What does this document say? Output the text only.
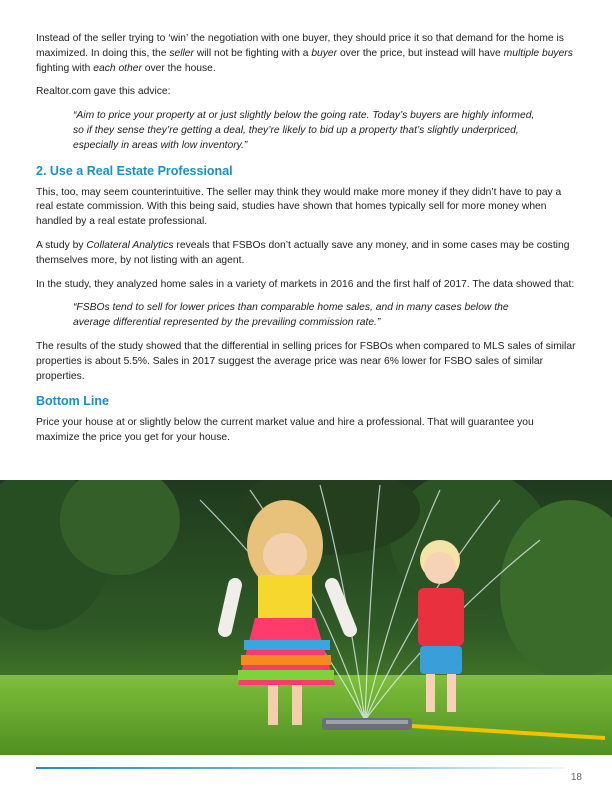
Instead of the seller trying to ‘win’ the negotiation with one buyer, they should price it so that demand for the home is maximized. In doing this, the seller will not be fighting with a buyer over the price, but instead will have multiple buyers fighting with each other over the house.

Realtor.com gave this advice:

“Aim to price your property at or just slightly below the going rate. Today’s buyers are highly informed, so if they sense they’re getting a deal, they’re likely to bid up a property that’s slightly underpriced, especially in areas with low inventory.”
2. Use a Real Estate Professional

This, too, may seem counterintuitive. The seller may think they would make more money if they didn’t have to pay a real estate commission. With this being said, studies have shown that homes typically sell for more money when handled by a real estate professional.

A study by Collateral Analytics reveals that FSBOs don’t actually save any money, and in some cases may be costing themselves more, by not listing with an agent.

In the study, they analyzed home sales in a variety of markets in 2016 and the first half of 2017. The data showed that:

“FSBOs tend to sell for lower prices than comparable home sales, and in many cases below the average differential represented by the prevailing commission rate.”

The results of the study showed that the differential in selling prices for FSBOs when compared to MLS sales of similar properties is about 5.5%. Sales in 2017 suggest the average price was near 6% lower for FSBO sales of similar properties.

Bottom Line

Price your house at or slightly below the current market value and hire a professional. That will guarantee you maximize the price you get for your house.

18
